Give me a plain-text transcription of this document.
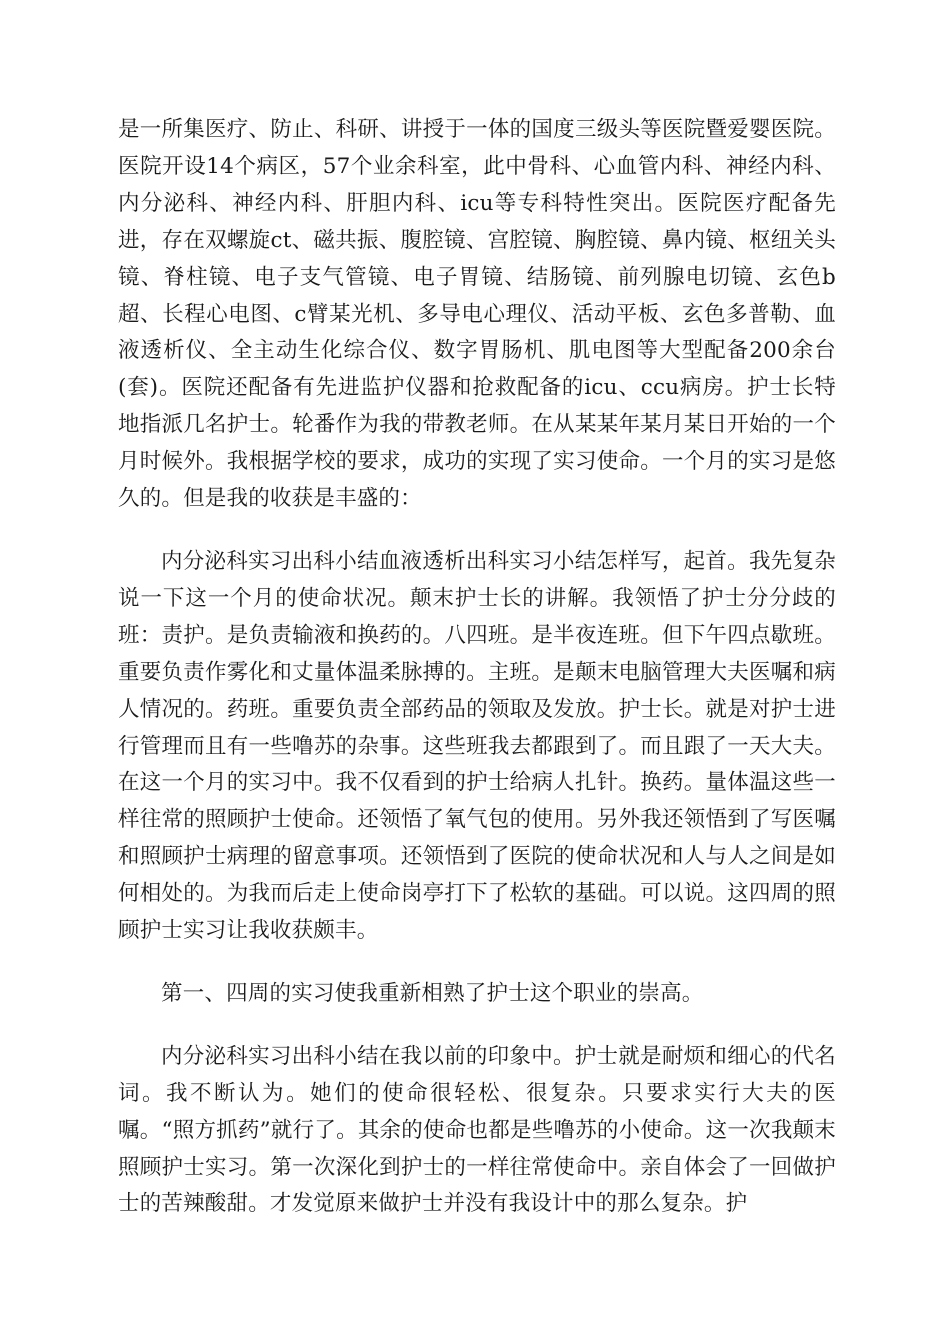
是一所集医疗、防止、科研、讲授于一体的国度三级头等医院暨爱婴医院。医院开设14个病区，57个业余科室，此中骨科、心血管内科、神经内科、内分泌科、神经内科、肝胆内科、icu等专科特性突出。医院医疗配备先进，存在双螺旋ct、磁共振、腹腔镜、宫腔镜、胸腔镜、鼻内镜、枢纽关头镜、脊柱镜、电子支气管镜、电子胃镜、结肠镜、前列腺电切镜、玄色b超、长程心电图、c臂某光机、多导电心理仪、活动平板、玄色多普勒、血液透析仪、全主动生化综合仪、数字胃肠机、肌电图等大型配备200余台(套)。医院还配备有先进监护仪器和抢救配备的icu、ccu病房。护士长特地指派几名护士。轮番作为我的带教老师。在从某某年某月某日开始的一个月时候外。我根据学校的要求，成功的实现了实习使命。一个月的实习是悠久的。但是我的收获是丰盛的：

内分泌科实习出科小结血液透析出科实习小结怎样写，起首。我先复杂说一下这一个月的使命状况。颠末护士长的讲解。我领悟了护士分分歧的班：责护。是负责输液和换药的。八四班。是半夜连班。但下午四点歇班。重要负责作雾化和丈量体温柔脉搏的。主班。是颠末电脑管理大夫医嘱和病人情况的。药班。重要负责全部药品的领取及发放。护士长。就是对护士进行管理而且有一些噜苏的杂事。这些班我去都跟到了。而且跟了一天大夫。在这一个月的实习中。我不仅看到的护士给病人扎针。换药。量体温这些一样往常的照顾护士使命。还领悟了氧气包的使用。另外我还领悟到了写医嘱和照顾护士病理的留意事项。还领悟到了医院的使命状况和人与人之间是如何相处的。为我而后走上使命岗亭打下了松软的基础。可以说。这四周的照顾护士实习让我收获颇丰。

第一、四周的实习使我重新相熟了护士这个职业的崇高。

内分泌科实习出科小结在我以前的印象中。护士就是耐烦和细心的代名词。我不断认为。她们的使命很轻松、很复杂。只要求实行大夫的医嘱。“照方抓药”就行了。其余的使命也都是些噜苏的小使命。这一次我颠末照顾护士实习。第一次深化到护士的一样往常使命中。亲自体会了一回做护士的苦辣酸甜。才发觉原来做护士并没有我设计中的那么复杂。护
